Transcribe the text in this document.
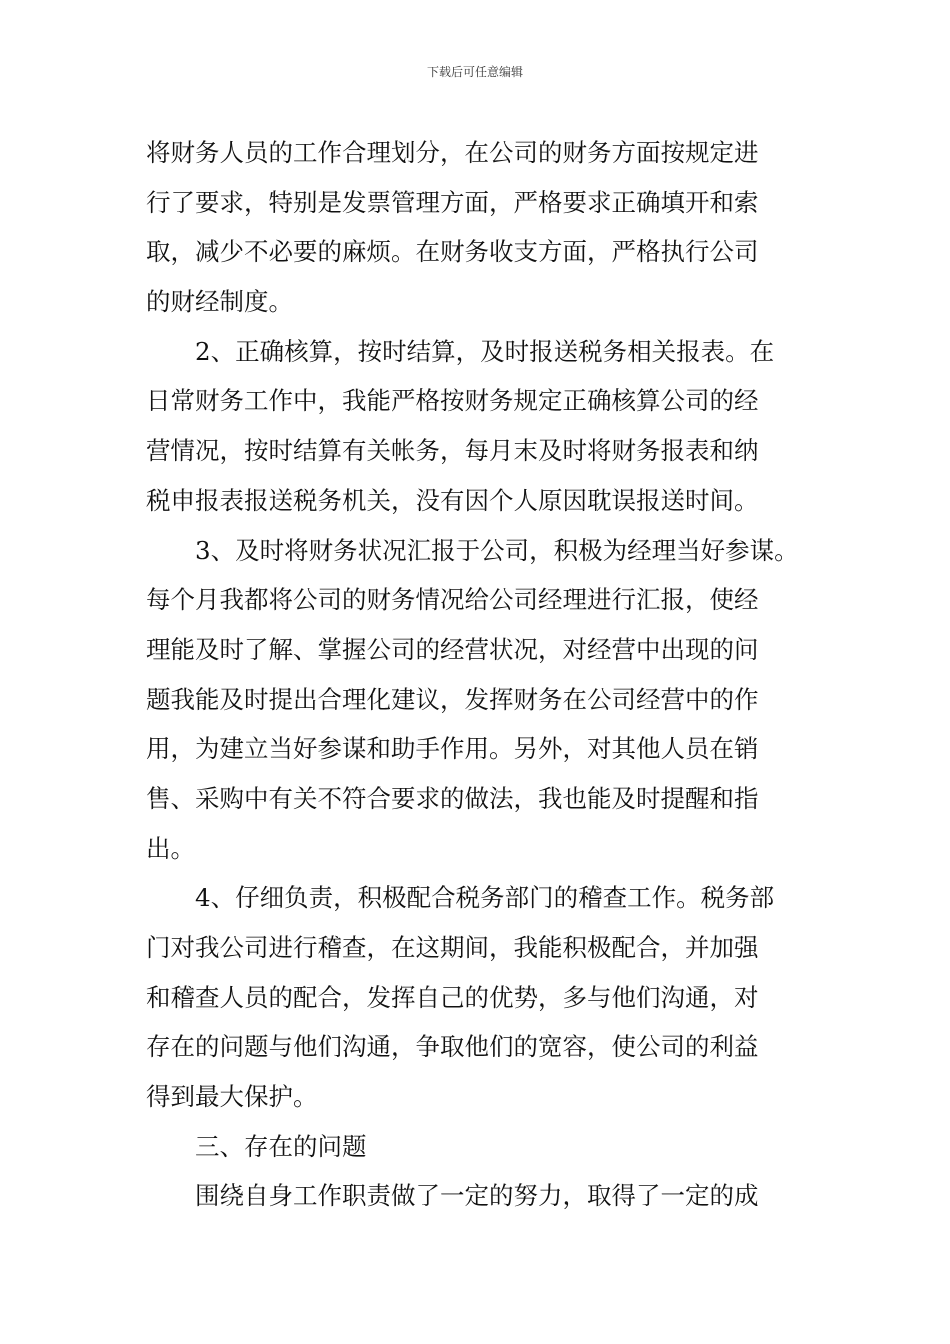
下载后可任意编辑
将财务人员的工作合理划分，在公司的财务方面按规定进
行了要求，特别是发票管理方面，严格要求正确填开和索
取，减少不必要的麻烦。在财务收支方面，严格执行公司
的财经制度。
2、正确核算，按时结算，及时报送税务相关报表。在
日常财务工作中，我能严格按财务规定正确核算公司的经
营情况，按时结算有关帐务，每月末及时将财务报表和纳
税申报表报送税务机关，没有因个人原因耽误报送时间。
3、及时将财务状况汇报于公司，积极为经理当好参谋。
每个月我都将公司的财务情况给公司经理进行汇报，使经
理能及时了解、掌握公司的经营状况，对经营中出现的问
题我能及时提出合理化建议，发挥财务在公司经营中的作
用，为建立当好参谋和助手作用。另外，对其他人员在销
售、采购中有关不符合要求的做法，我也能及时提醒和指
出。
4、仔细负责，积极配合税务部门的稽查工作。税务部
门对我公司进行稽查，在这期间，我能积极配合，并加强
和稽查人员的配合，发挥自己的优势，多与他们沟通，对
存在的问题与他们沟通，争取他们的宽容，使公司的利益
得到最大保护。
三、存在的问题
围绕自身工作职责做了一定的努力，取得了一定的成
